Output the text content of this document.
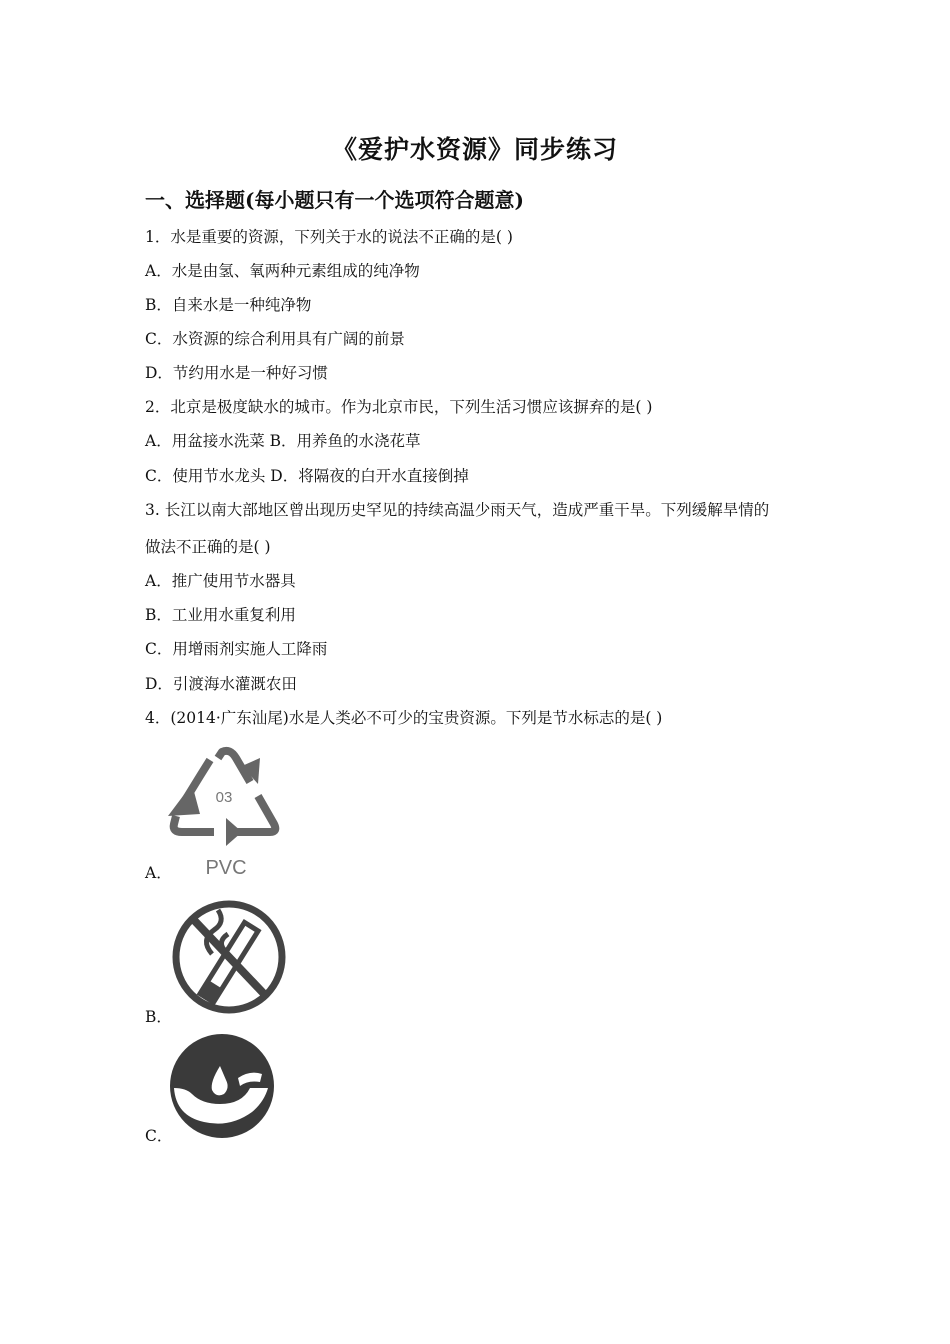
《爱护水资源》同步练习
一、选择题(每小题只有一个选项符合题意)
1．水是重要的资源，下列关于水的说法不正确的是( )
A．水是由氢、氧两种元素组成的纯净物
B．自来水是一种纯净物
C．水资源的综合利用具有广阔的前景
D．节约用水是一种好习惯
2．北京是极度缺水的城市。作为北京市民，下列生活习惯应该摒弃的是( )
A．用盆接水洗菜 B．用养鱼的水浇花草
C．使用节水龙头 D．将隔夜的白开水直接倒掉
3. 长江以南大部地区曾出现历史罕见的持续高温少雨天气，造成严重干旱。下列缓解旱情的
做法不正确的是( )
A．推广使用节水器具
B．工业用水重复利用
C．用增雨剂实施人工降雨
D．引渡海水灌溉农田
4．(2014·广东汕尾)水是人类必不可少的宝贵资源。下列是节水标志的是( )
03
PVC
A．
B．
C．
